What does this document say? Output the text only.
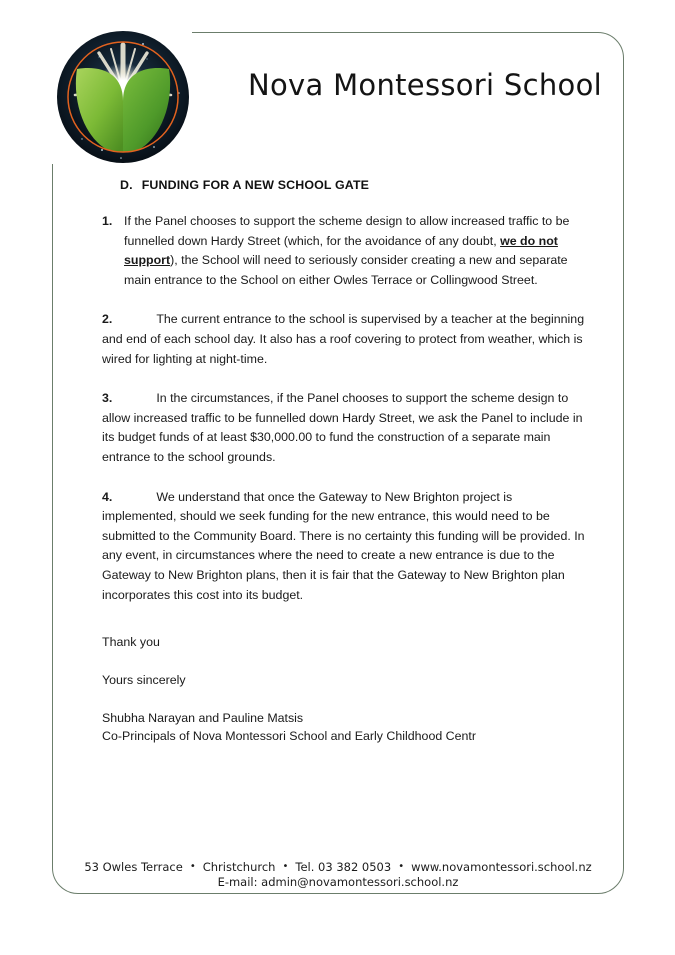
Nova Montessori School
D. FUNDING FOR A NEW SCHOOL GATE
1. If the Panel chooses to support the scheme design to allow increased traffic to be funnelled down Hardy Street (which, for the avoidance of any doubt, we do not support), the School will need to seriously consider creating a new and separate main entrance to the School on either Owles Terrace or Collingwood Street.
2.	The current entrance to the school is supervised by a teacher at the beginning and end of each school day. It also has a roof covering to protect from weather, which is wired for lighting at night-time.
3.	In the circumstances, if the Panel chooses to support the scheme design to allow increased traffic to be funnelled down Hardy Street, we ask the Panel to include in its budget funds of at least $30,000.00 to fund the construction of a separate main entrance to the school grounds.
4.	We understand that once the Gateway to New Brighton project is implemented, should we seek funding for the new entrance, this would need to be submitted to the Community Board. There is no certainty this funding will be provided. In any event, in circumstances where the need to create a new entrance is due to the Gateway to New Brighton plans, then it is fair that the Gateway to New Brighton plan incorporates this cost into its budget.
Thank you
Yours sincerely
Shubha Narayan and Pauline Matsis
Co-Principals of Nova Montessori School and Early Childhood Centr
53 Owles Terrace • Christchurch • Tel. 03 382 0503 • www.novamontessori.school.nz
E-mail: admin@novamontessori.school.nz
